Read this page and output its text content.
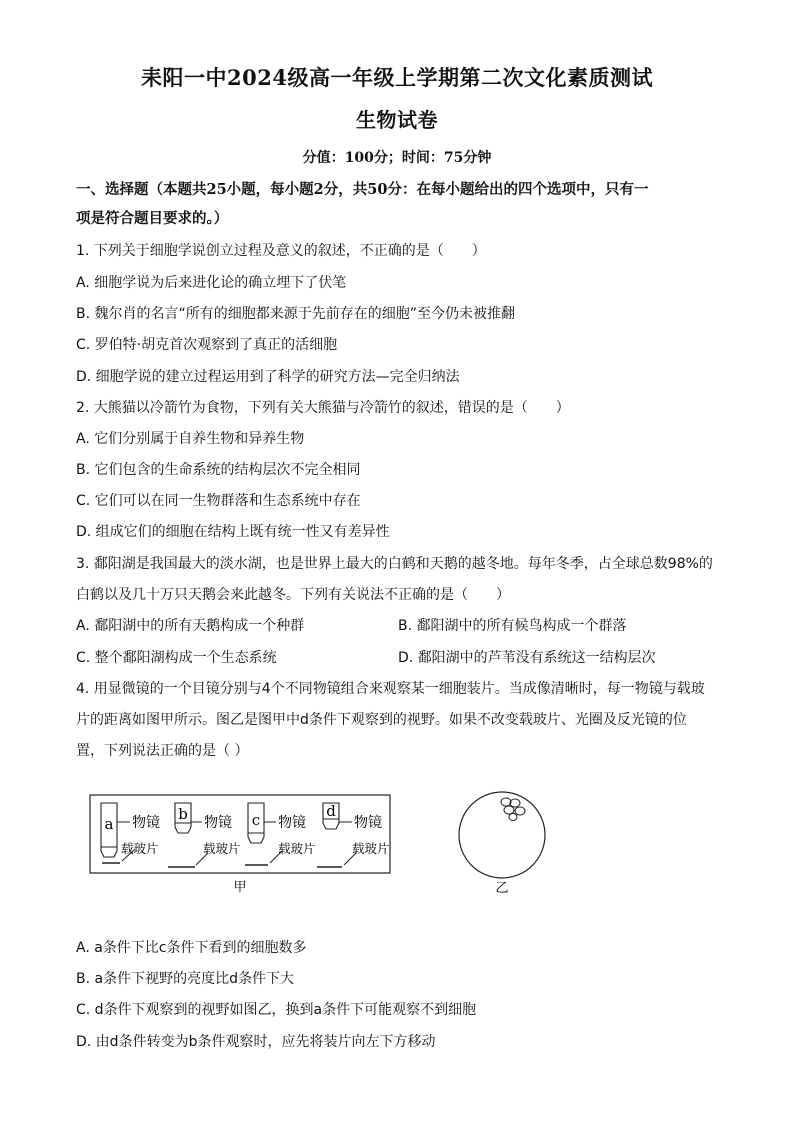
耒阳一中2024级高一年级上学期第二次文化素质测试
生物试卷
分值：100分；时间：75分钟
一、选择题（本题共25小题，每小题2分，共50分：在每小题给出的四个选项中，只有一
项是符合题目要求的。）
1. 下列关于细胞学说创立过程及意义的叙述，不正确的是（　　）
A. 细胞学说为后来进化论的确立埋下了伏笔
B. 魏尔肖的名言“所有的细胞都来源于先前存在的细胞”至今仍未被推翻
C. 罗伯特·胡克首次观察到了真正的活细胞
D. 细胞学说的建立过程运用到了科学的研究方法—完全归纳法
2. 大熊猫以冷箭竹为食物，下列有关大熊猫与冷箭竹的叙述，错误的是（　　）
A. 它们分别属于自养生物和异养生物
B. 它们包含的生命系统的结构层次不完全相同
C. 它们可以在同一生物群落和生态系统中存在
D. 组成它们的细胞在结构上既有统一性又有差异性
3. 鄱阳湖是我国最大的淡水湖，也是世界上最大的白鹤和天鹅的越冬地。每年冬季，占全球总数98%的
白鹤以及几十万只天鹅会来此越冬。下列有关说法不正确的是（　　）
A. 鄱阳湖中的所有天鹅构成一个种群	B. 鄱阳湖中的所有候鸟构成一个群落
C. 整个鄱阳湖构成一个生态系统	D. 鄱阳湖中的芦苇没有系统这一结构层次
4. 用显微镜的一个目镜分别与4个不同物镜组合来观察某一细胞装片。当成像清晰时，每一物镜与载玻
片的距离如图甲所示。图乙是图甲中d条件下观察到的视野。如果不改变载玻片、光圈及反光镜的位
置，下列说法正确的是（ ）
a 物镜
载玻片
b 物镜
载玻片
c 物镜
载玻片
d
物镜
载玻片
甲	乙
A. a条件下比c条件下看到的细胞数多
B. a条件下视野的亮度比d条件下大
C. d条件下观察到的视野如图乙，换到a条件下可能观察不到细胞
D. 由d条件转变为b条件观察时，应先将装片向左下方移动
